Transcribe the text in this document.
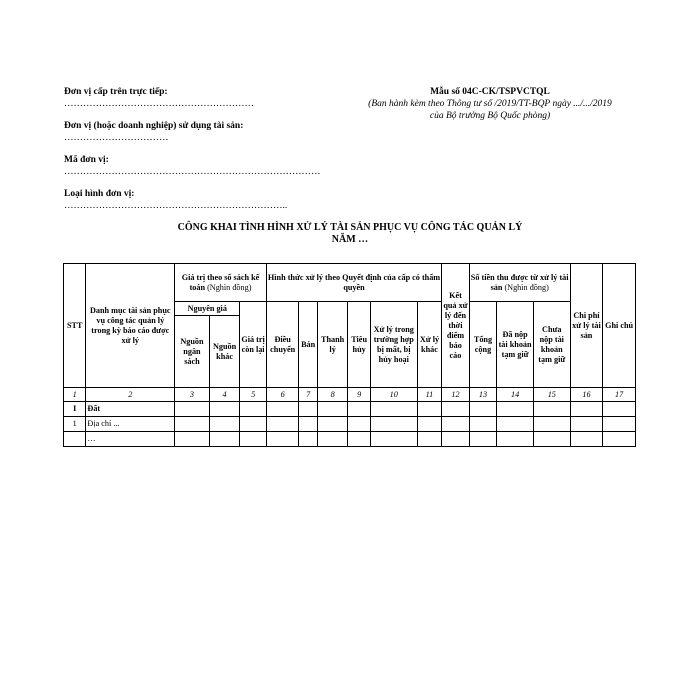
Đơn vị cấp trên trực tiếp:
……………………………………………………
Đơn vị (hoặc doanh nghiệp) sử dụng tài sản:
……………………………
Mã đơn vị:
………………………………………………………………………
Loại hình đơn vị:
……………………………………………………………..
Mẫu số 04C-CK/TSPVCTQL
(Ban hành kèm theo Thông tư số /2019/TT-BQP ngày .../.../2019
của Bộ trưởng Bộ Quốc phòng)
CÔNG KHAI TÌNH HÌNH XỬ LÝ TÀI SẢN PHỤC VỤ CÔNG TÁC QUẢN LÝ
NĂM …
STT	Danh mục tài sản phục vụ công tác quản lý trong kỳ báo cáo được xử lý	Giá trị theo số sách kế toán (Nghìn đồng)			Hình thức xử lý theo Quyết định của cấp có thẩm quyền						Kết quả xử lý đến thời điểm báo cáo	Số tiền thu được từ xử lý tài sản (Nghìn đồng)			Chi phí xử lý tài sản	Ghi chú
		Nguyên giá		Giá trị còn lại	Điều chuyển	Bán	Thanh lý	Tiêu hủy	Xử lý trong trường hợp bị mất, bị hủy hoại	Xử lý khác		Tổng cộng	Đã nộp tài khoản tạm giữ	Chưa nộp tài khoản tạm giữ		
		Nguồn ngân sách	Nguồn khác													
1	2	3	4	5	6	7	8	9	10	11	12	13	14	15	16	17
I	Đất															
1	Địa chỉ ...															
	…															
